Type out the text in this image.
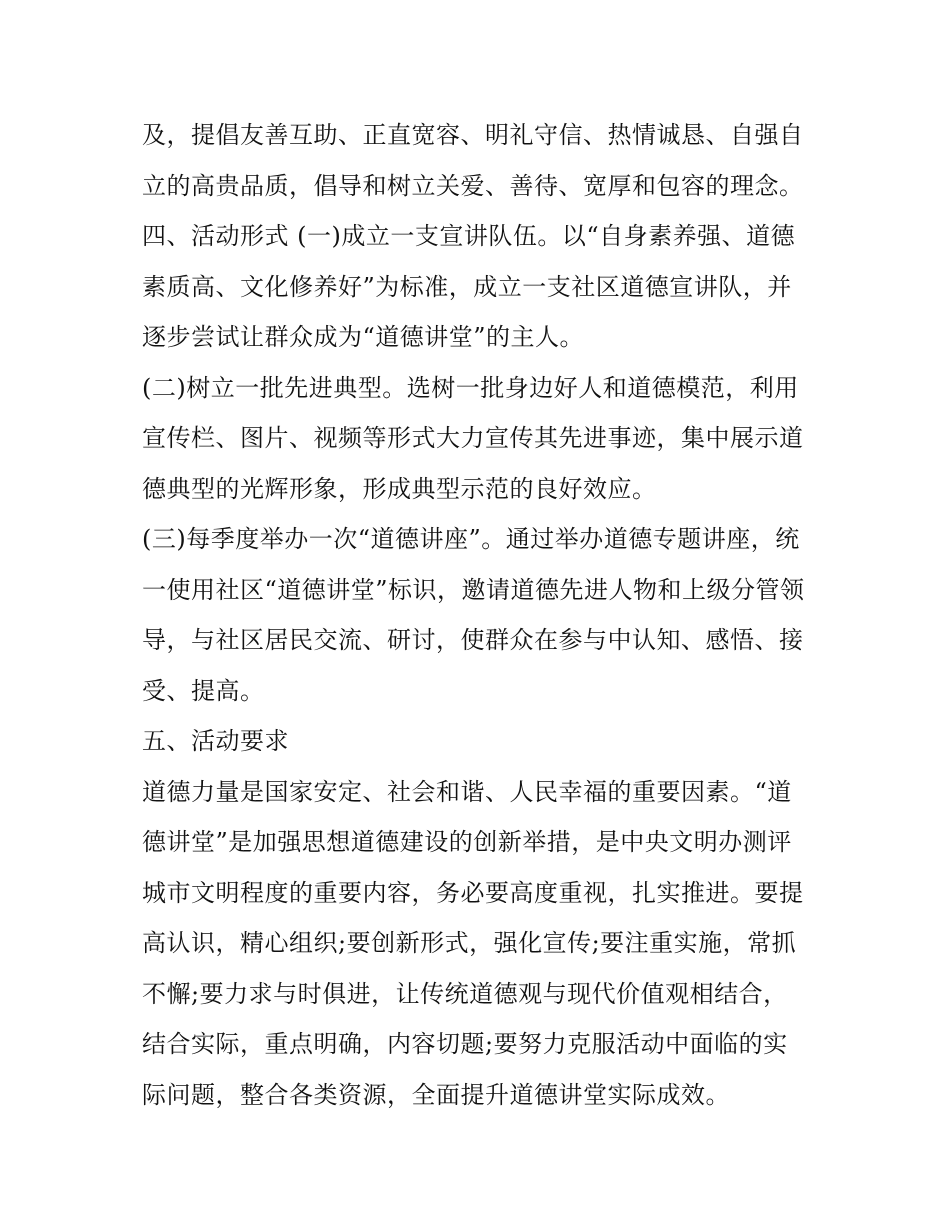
及，提倡友善互助、正直宽容、明礼守信、热情诚恳、自强自
立的高贵品质，倡导和树立关爱、善待、宽厚和包容的理念。
四、活动形式 (一)成立一支宣讲队伍。以“自身素养强、道德
素质高、文化修养好”为标准，成立一支社区道德宣讲队，并
逐步尝试让群众成为“道德讲堂”的主人。
(二)树立一批先进典型。选树一批身边好人和道德模范，利用
宣传栏、图片、视频等形式大力宣传其先进事迹，集中展示道
德典型的光辉形象，形成典型示范的良好效应。
(三)每季度举办一次“道德讲座”。通过举办道德专题讲座，统
一使用社区“道德讲堂”标识，邀请道德先进人物和上级分管领
导，与社区居民交流、研讨，使群众在参与中认知、感悟、接
受、提高。
五、活动要求
道德力量是国家安定、社会和谐、人民幸福的重要因素。“道
德讲堂”是加强思想道德建设的创新举措，是中央文明办测评
城市文明程度的重要内容，务必要高度重视，扎实推进。要提
高认识，精心组织;要创新形式，强化宣传;要注重实施，常抓
不懈;要力求与时俱进，让传统道德观与现代价值观相结合，
结合实际，重点明确，内容切题;要努力克服活动中面临的实
际问题，整合各类资源，全面提升道德讲堂实际成效。
